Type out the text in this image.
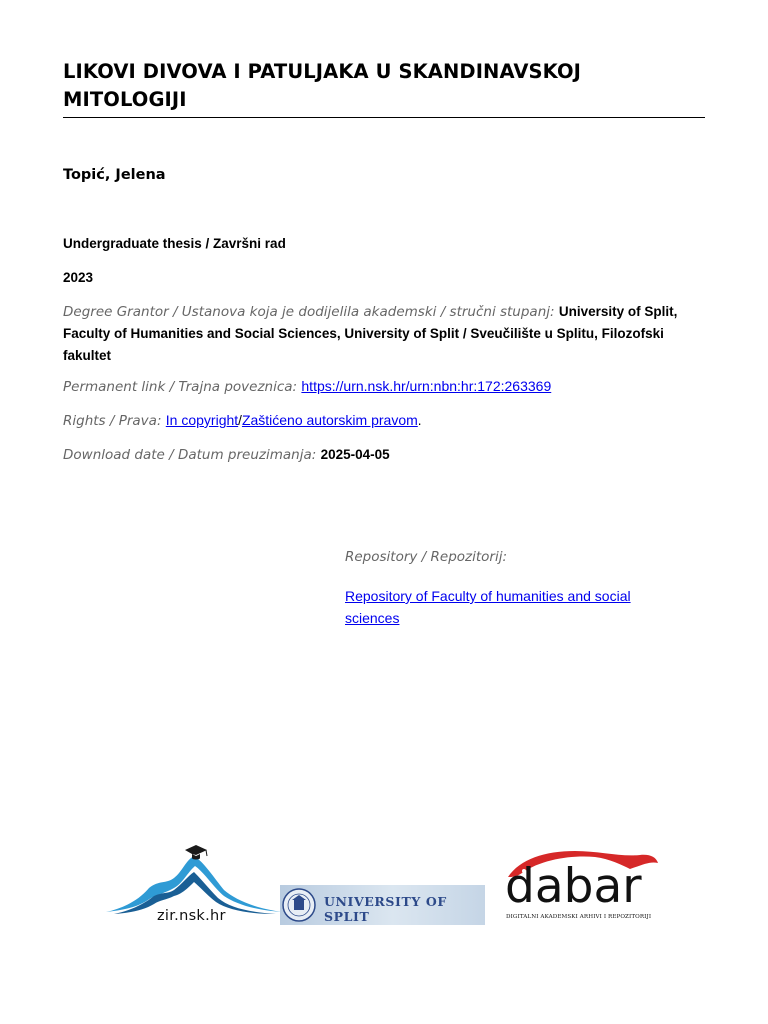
LIKOVI DIVOVA I PATULJAKA U SKANDINAVSKOJ MITOLOGIJI

Topić, Jelena

Undergraduate thesis / Završni rad

2023

Degree Grantor / Ustanova koja je dodijelila akademski / stručni stupanj: University of Split, Faculty of Humanities and Social Sciences, University of Split / Sveučilište u Splitu, Filozofski fakultet

Permanent link / Trajna poveznica: https://urn.nsk.hr/urn:nbn:hr:172:263369

Rights / Prava: In copyright/Zaštićeno autorskim pravom.

Download date / Datum preuzimanja: 2025-04-05

Repository / Repozitorij:

Repository of Faculty of humanities and social sciences

zir.nsk.hr
UNIVERSITY OF SPLIT
dabar
DIGITALNI AKADEMSKI ARHIVI I REPOZITORIJI
